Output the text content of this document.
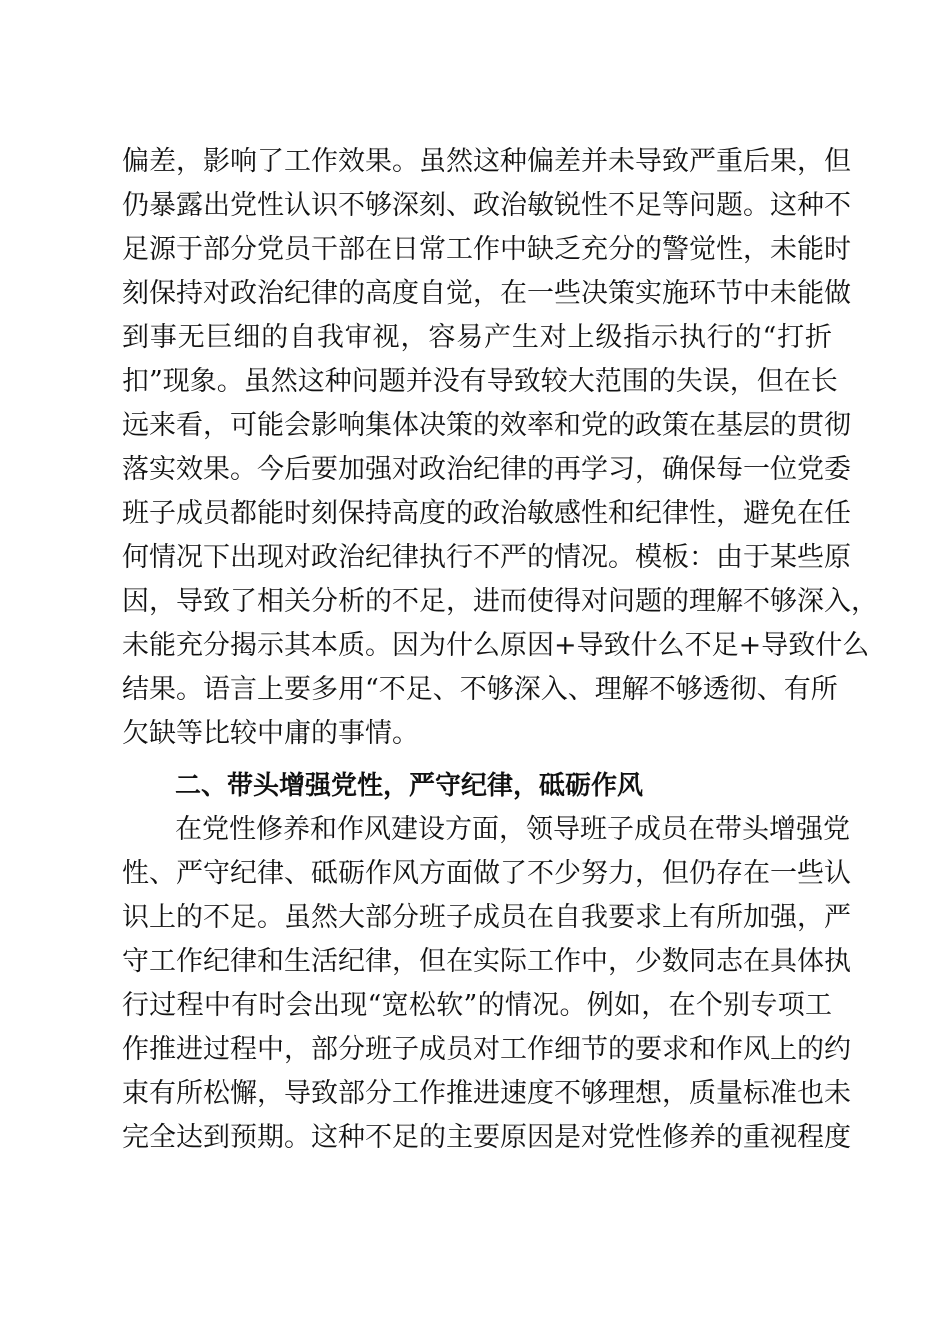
偏差，影响了工作效果。虽然这种偏差并未导致严重后果，但
仍暴露出党性认识不够深刻、政治敏锐性不足等问题。这种不
足源于部分党员干部在日常工作中缺乏充分的警觉性，未能时
刻保持对政治纪律的高度自觉，在一些决策实施环节中未能做
到事无巨细的自我审视，容易产生对上级指示执行的“打折
扣”现象。虽然这种问题并没有导致较大范围的失误，但在长
远来看，可能会影响集体决策的效率和党的政策在基层的贯彻
落实效果。今后要加强对政治纪律的再学习，确保每一位党委
班子成员都能时刻保持高度的政治敏感性和纪律性，避免在任
何情况下出现对政治纪律执行不严的情况。模板：由于某些原
因，导致了相关分析的不足，进而使得对问题的理解不够深入，
未能充分揭示其本质。因为什么原因+导致什么不足+导致什么
结果。语言上要多用“不足、不够深入、理解不够透彻、有所
欠缺等比较中庸的事情。
二、带头增强党性，严守纪律，砥砺作风
在党性修养和作风建设方面，领导班子成员在带头增强党
性、严守纪律、砥砺作风方面做了不少努力，但仍存在一些认
识上的不足。虽然大部分班子成员在自我要求上有所加强，严
守工作纪律和生活纪律，但在实际工作中，少数同志在具体执
行过程中有时会出现“宽松软”的情况。例如，在个别专项工
作推进过程中，部分班子成员对工作细节的要求和作风上的约
束有所松懈，导致部分工作推进速度不够理想，质量标准也未
完全达到预期。这种不足的主要原因是对党性修养的重视程度
